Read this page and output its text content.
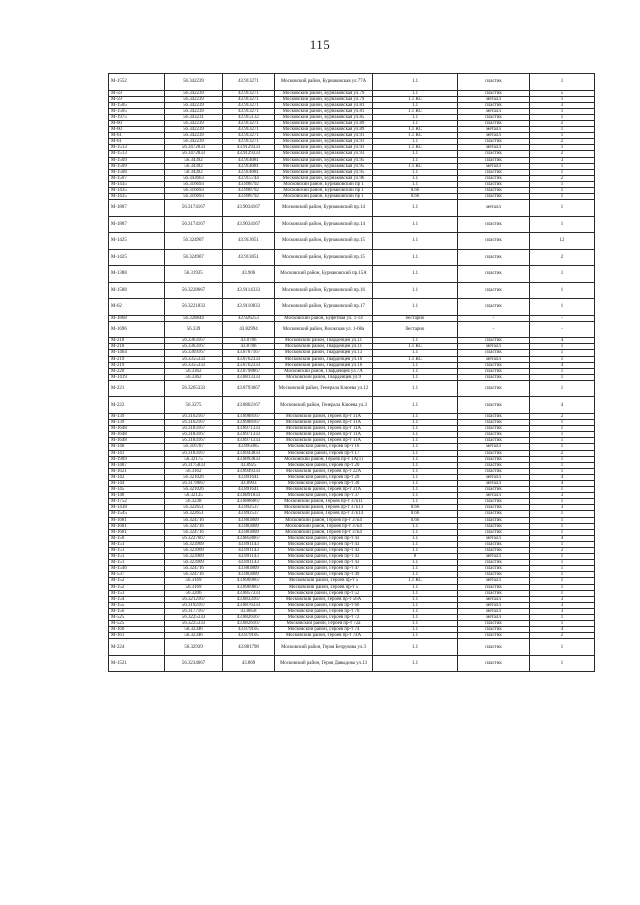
115
М-1552	56.342239	43.913271	Московский район, Бурнаковская ул.77А	1.1	пластик	1
М-59	56.342239	43.913271	Московский район, Бурнаковская ул.79	1.1	пластик	5
М-59	56.342239	43.913271	Московский район, Бурнаковская ул.79	1.1 КС	металл	1
М-1505	56.342239	43.913271	Московский район, Бурнаковская ул.81	1.1	пластик	3
М-1505	56.342239	43.913271	Московский район, Бурнаковская ул.81	1.1 КС	металл	1
М-1975	56.343231	43.915132	Московский район, Бурнаковская ул.85	1.1	пластик	1
М-60	56.342239	43.913271	Московский район, Бурнаковская ул.89	1.1	пластик	2
М-60	56.342239	43.913271	Московский район, Бурнаковская ул.89	1.1 КС	металл	1
М-61	56.342239	43.913271	Московский район, Бурнаковская ул.91	1.1 КС	металл	1
М-61	56.342239	43.913271	Московский район, Бурнаковская ул.91	1.1	пластик	2
М-1513	56.3472833	43.9129333	Московский район, Бурнаковская ул.93	1.1 КС	металл	1
М-1513	56.3472833	43.9129333	Московский район, Бурнаковская ул.93	1.1	пластик	2
М-1509	56.34392	43.914081	Московский район, Бурнаковская ул.95	1.1	пластик	3
М-1509	56.34392	43.914081	Московский район, Бурнаковская ул.95	1.1 КС	металл	1
М-1508	56.34392	43.914081	Московский район, Бурнаковская ул.95	1.1	пластик	1
М-1507	56.343663	43.915744	Московский район, Бурнаковская ул.96	1.1	пластик	2
М-1435	56.316693	43.898792	Московский район, Бурнаковский пр 1	1.1	пластик	1
М-1435	56.316693	43.898792	Московский район, Бурнаковский пр 1	0.66	пластик	1
М-1435	56.316693	43.898792	Московский район, Бурнаковский пр 1	0.66	пластик	1
М-1887	56.3174167	43.9034167	Московский район, Бурнаковский пр.14	1.1	металл	1
М-1887	56.3174167	43.9034167	Московский район, Бурнаковский пр.14	1.1	пластик	1
М-1425	56.324907	43.913051	Московский район, Бурнаковский пр.15	1.1	пластик	12
М-1425	56.324907	43.913051	Московский район, Бурнаковский пр.15	1.1	пластик	2
М-1388	56.31935	43.906	Московский район, Бурнаковский пр.15А	1.1	пластик	1
М-1588	56.3228667	43.9114333	Московский район, Бурнаковский пр.16	1.1	пластик	1
М-62	56.3221833	43.9110833	Московский район, Бурнаковский пр.17	1.1	пластик	1
М-1868	56.328844	43.926253	Московский район, Буфетная ул. 1-14	бестарно	-	-
М-1696	56.339	43.82994	Московский район, Волжская ул. 1-68а	бестарно	-	-
М-218	56.3363167	43.8786	Московский район, Гвардейцев ул.11	1.1	пластик	4
М-218	56.3363167	43.8786	Московский район, Гвардейцев ул.11	1.1 КС	металл	1
М-1464	56.3369167	43.8787167	Московский район, Гвардейцев ул.13	1.1	пластик	1
М-219	56.3355333	43.8762333	Московский район, Гвардейцев ул.16	1.1 КС	металл	1
М-219	56.3355333	43.8762333	Московский район, Гвардейцев ул.16	1.1	пластик	4
М-220	56.3362	43.8798667	Московский район, Гвардейцев ул.7А	1.1	пластик	1
М-1419	56.3362	43.8813333	Московский район, Гвардейцев ул.9	1.1	пластик	1
М-221	56.3265333	43.8793667	Московский район, Генерала Клюева ул.12	1.1	пластик	1
М-222	56.3275	43.8802167	Московский район, Генерала Клюева ул.3	1.1	пластик	4
М-139	56.3162167	43.8988167	Московский район, Героев пр-т 11А	1.1	пластик	2
М-139	56.3162167	43.8988167	Московский район, Героев пр-т 11А	1.1	пластик	1
М-1648	56.3183167	43.8971333	Московский район, Героев пр-т 11А	1.1	пластик	1
М-1648	56.3183167	43.8971333	Московский район, Героев пр-т 11А	1.1	пластик	1
М-1648	56.3183167	43.8971333	Московский район, Героев пр-т 11А	1.1	пластик	1
М-140	56.316787	43.895085	Московский район, Героев пр-т 16	1.1	металл	1
М-141	56.3183167	43.8943833	Московский район, Героев пр-т 17	1.1	пластик	2
М-1909	56.32175	43.8893833	Московский район, Героев пр-т 1А(1)	1.1	пластик	1
М-1487	56.3175833	43.8925	Московский район, Героев пр-т 20	1.1	пластик	1
М-1621	56.3162	43.8949333	Московский район, Героев пр-т 22А	1.1	пластик	1
М-142	56.321026	43.891641	Московский район, Героев пр-т 29	1.1	металл	4
М-144	56.3178667	43.8903	Московский район, Героев пр-т 30	1.1	металл	4
М-145	56.321026	43.891641	Московский район, Героев пр-т 31А	1.1	пластик	1
М-148	56.32135	43.8891833	Московский район, Героев пр-т 37	1.1	металл	3
М-1752	56.3238	43.8886667	Московский район, Героев пр-т 37к11	1.1	пластик	1
М-1438	56.322651	43.892537	Московский район, Героев пр-т 37к13	0.66	пластик	3
М-1545	56.322651	43.892537	Московский район, Героев пр-т 37к14	0.66	пластик	1
М-1681	56.324716	43.883809	Московский район, Героев пр-т 37к4	0.66	пластик	1
М-1681	56.324716	43.883809	Московский район, Героев пр-т 37к4	1.1	пластик	1
М-1681	56.324716	43.883809	Московский район, Героев пр-т 37к4	1.1	пластик	1
М-150	56.3227667	43.8858667	Московский район, Героев пр-т 43	1.1	металл	4
М-151	56.323909	43.891143	Московский район, Героев пр-т 43	1.1	пластик	1
М-151	56.323909	43.891143	Московский район, Героев пр-т 43	1.1	пластик	2
М-151	56.323909	43.891143	Московский район, Героев пр-т 43	8	металл	1
М-151	56.323909	43.891143	Московский район, Героев пр-т 43	1.1	пластик	1
М-1546	56.324716	43.883809	Московский район, Героев пр-т 47	1.1	пластик	1
М-537	56.324716	43.883809	Московский район, Героев пр-т 49	1.1	пластик	1
М-152	56.3169	43.8969667	Московский район, Героев пр-т 5	1.1 КС	металл	1
М-152	56.3169	43.8969667	Московский район, Героев пр-т 5	1.1	пластик	1
М-153	56.3206	43.8857333	Московский район, Героев пр-т 52	1.1	пластик	1
М-154	56.3212167	43.8833167	Московский район, Героев пр-т 56А	1.1	металл	3
М-155	56.3192167	43.8876333	Московский район, Героев пр-т 66	1.1	металл	3
М-156	56.3177167	43.8858	Московский район, Героев пр-т 70	1.1	металл	3
М-525	56.3225333	43.8826167	Московский район, Героев пр-т 72	1.1	металл	1
М-525	56.3225333	43.8826167	Московский район, Героев пр-т 72а	1.1	пластик	1
М-160	56.32346	43.879105	Московский район, Героев пр-т 74	1.1	пластик	4
М-161	56.32346	43.879105	Московский район, Героев пр-т 74А	1.1	пластик	2
М-224	56.32939	43.881798	Московский район, Героя Безрукова ул.3	1.1	пластик	1
М-1521	56.3234667	43.869	Московский район, Героя Давыдова ул.13	1.1	пластик	1
